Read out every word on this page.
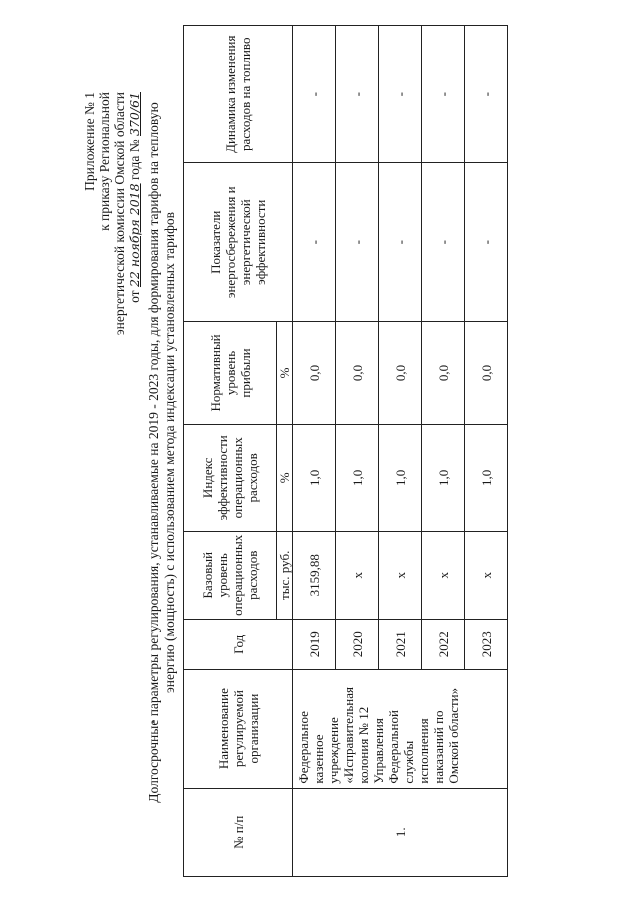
Приложение № 1 к приказу Региональной энергетической комиссии Омской области от 22 ноября 2018 года № 370/61 Долгосрочные параметры регулирования, устанавливаемые на 2019 - 2023 годы, для формирования тарифов на тепловую энергию (мощность) с использованием метода индексации установленных тарифов
№ п/п	Наименование регулируемой организации	Год	Базовый уровень операционных расходов	Индекс эффективности операционных расходов	Нормативный уровень прибыли	Показатели энергосбережения и энергетической эффективности	Динамика изменения расходов на топливо
			тыс. руб.	%	%		
1.	Федеральное казенное учреждение «Исправительная колония № 12 Управления Федеральной службы исполнения наказаний по Омской области»	2019	3159,88	1,0	0,0	-	-
		2020	х	1,0	0,0	-	-
		2021	х	1,0	0,0	-	-
		2022	х	1,0	0,0	-	-
		2023	х	1,0	0,0	-	-
